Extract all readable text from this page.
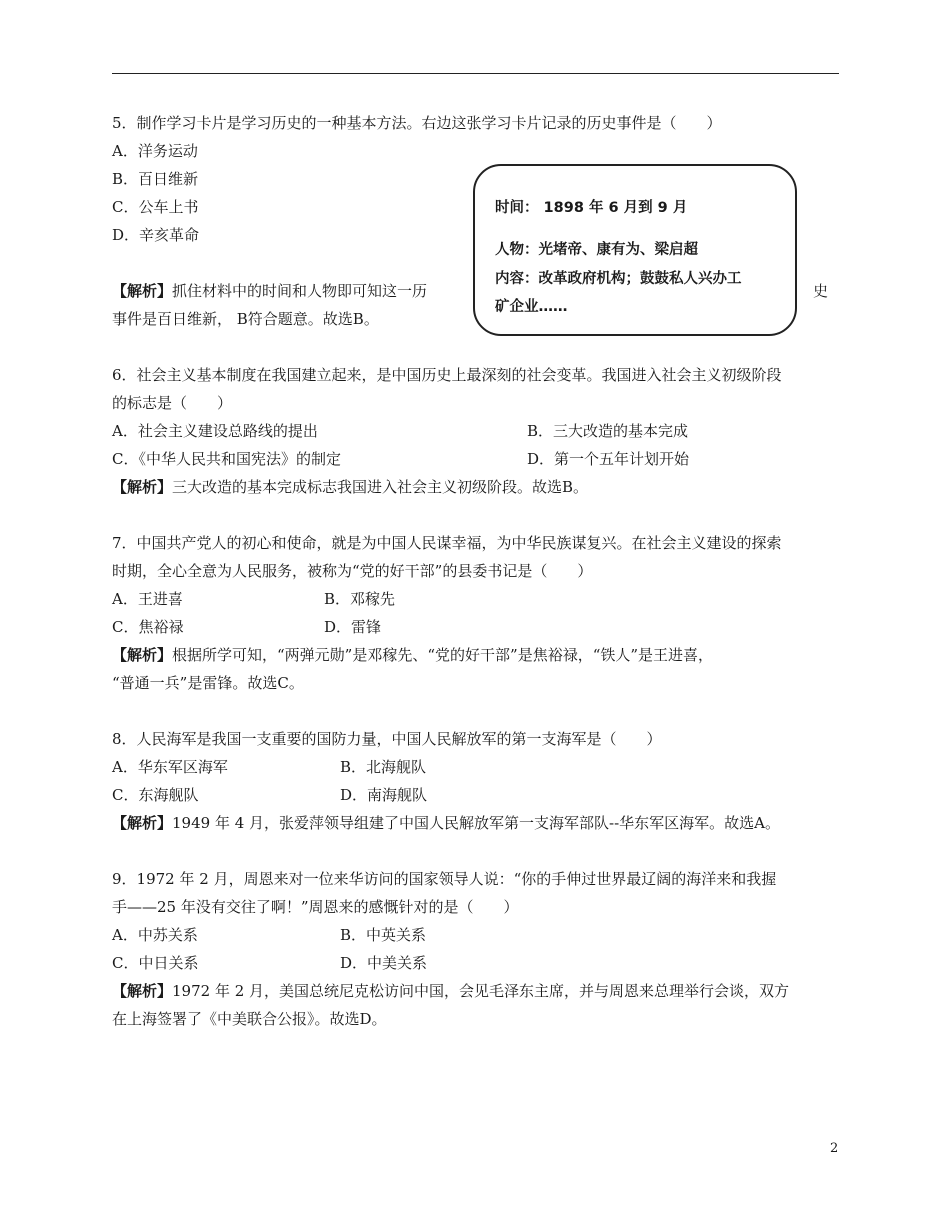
5．制作学习卡片是学习历史的一种基本方法。右边这张学习卡片记录的历史事件是（　　）
A．洋务运动
B．百日维新
C．公车上书
D．辛亥革命
【解析】抓住材料中的时间和人物即可知这一历	史
事件是百日维新， B符合题意。故选B。
时间： 1898 年 6 月到 9 月
人物：光堵帝、康有为、梁启超
内容：改革政府机构；鼓鼓私人兴办工
矿企业……
6．社会主义基本制度在我国建立起来，是中国历史上最深刻的社会变革。我国进入社会主义初级阶段
的标志是（　　）
A．社会主义建设总路线的提出	B．三大改造的基本完成
C．《中华人民共和国宪法》的制定	D．第一个五年计划开始
【解析】三大改造的基本完成标志我国进入社会主义初级阶段。故选B。
7．中国共产党人的初心和使命，就是为中国人民谋幸福，为中华民族谋复兴。在社会主义建设的探索
时期，全心全意为人民服务，被称为“党的好干部”的县委书记是（　　）
A．王进喜	B．邓稼先
C．焦裕禄	D．雷锋
【解析】根据所学可知，“两弹元勋”是邓稼先、“党的好干部”是焦裕禄，“铁人”是王进喜，
“普通一兵”是雷锋。故选C。
8．人民海军是我国一支重要的国防力量，中国人民解放军的第一支海军是（　　）
A．华东军区海军	B．北海舰队
C．东海舰队	D．南海舰队
【解析】1949 年 4 月，张爱萍领导组建了中国人民解放军第一支海军部队--华东军区海军。故选A。
9．1972 年 2 月，周恩来对一位来华访问的国家领导人说：“你的手伸过世界最辽阔的海洋来和我握
手——25 年没有交往了啊！”周恩来的感慨针对的是（　　）
A．中苏关系	B．中英关系
C．中日关系	D．中美关系
【解析】1972 年 2 月，美国总统尼克松访问中国，会见毛泽东主席，并与周恩来总理举行会谈，双方
在上海签署了《中美联合公报》。故选D。
2
